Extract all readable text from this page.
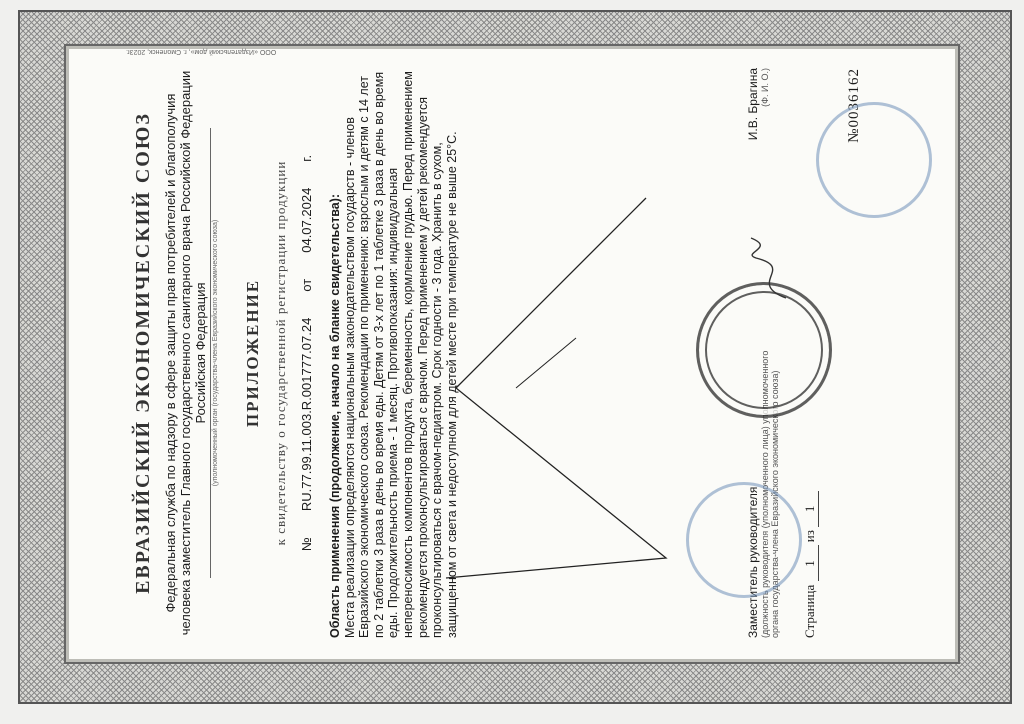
ЕВРАЗИЙСКИЙ ЭКОНОМИЧЕСКИЙ СОЮЗ Федеральная служба по надзору в сфере защиты прав потребителей и благополучия человека заместитель Главного государственного санитарного врача Российской Федерации Российская Федерация (уполномоченный орган (государства-члена Евразийского экономического союза) ПРИЛОЖЕНИЕ к свидетельству о государственной регистрации продукции №
RU.77.99.11.003.R.001777.07.24
от
04.07.2024
г.
Область применения (продолжение, начало на бланке свидетельства):
Места реализации определяются национальным законодательством государств - членов Евразийского экономического союза. Рекомендации по применению: взрослым и детям с 14 лет по 2 таблетки 3 раза в день во время еды. Детям от 3-х лет по 1 таблетке 3 раза в день во время еды. Продолжительность приема - 1 месяц. Противопоказания: индивидуальная непереносимость компонентов продукта, беременность, кормление грудью. Перед применением рекомендуется проконсультироваться с врачом. Перед применением у детей рекомендуется проконсультироваться с врачом-педиатром. Срок годности - 3 года. Хранить в сухом, защищенном от света и недоступном для детей месте при температуре не выше 25°С.	Заместитель руководителя
И.В. Брагина
(должность руководителя (уполномоченного лица) уполномоченного органа государства-члена Евразийского экономического союза)
(Ф. И. О.)
Страница 1 из 1
№0036162
ООО «Издательский дом», г. Смоленск, 2023г.
